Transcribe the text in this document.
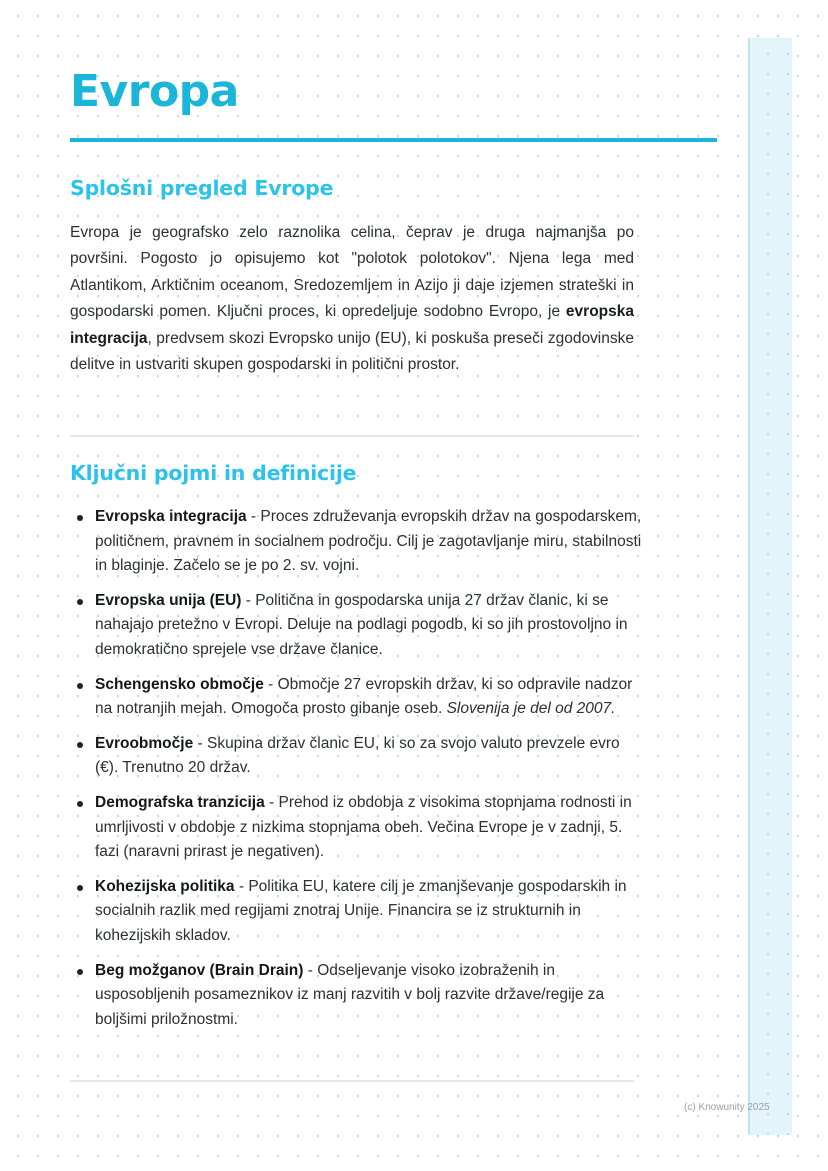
Evropa
Splošni pregled Evrope

Evropa je geografsko zelo raznolika celina, čeprav je druga najmanjša po površini. Pogosto jo opisujemo kot "polotok polotokov". Njena lega med Atlantikom, Arktičnim oceanom, Sredozemljem in Azijo ji daje izjemen strateški in gospodarski pomen. Ključni proces, ki opredeljuje sodobno Evropo, je evropska integracija, predvsem skozi Evropsko unijo (EU), ki poskuša preseči zgodovinske delitve in ustvariti skupen gospodarski in politični prostor.

Ključni pojmi in definicije
Evropska integracija - Proces združevanja evropskih držav na gospodarskem, političnem, pravnem in socialnem področju. Cilj je zagotavljanje miru, stabilnosti in blaginje. Začelo se je po 2. sv. vojni.
Evropska unija (EU) - Politična in gospodarska unija 27 držav članic, ki se nahajajo pretežno v Evropi. Deluje na podlagi pogodb, ki so jih prostovoljno in demokratično sprejele vse države članice.
Schengensko območje - Območje 27 evropskih držav, ki so odpravile nadzor na notranjih mejah. Omogoča prosto gibanje oseb. Slovenija je del od 2007.
Evroobmočje - Skupina držav članic EU, ki so za svojo valuto prevzele evro (€). Trenutno 20 držav.
Demografska tranzicija - Prehod iz obdobja z visokima stopnjama rodnosti in umrljivosti v obdobje z nizkima stopnjama obeh. Večina Evrope je v zadnji, 5. fazi (naravni prirast je negativen).
Kohezijska politika - Politika EU, katere cilj je zmanjševanje gospodarskih in socialnih razlik med regijami znotraj Unije. Financira se iz strukturnih in kohezijskih skladov.
Beg možganov (Brain Drain) - Odseljevanje visoko izobraženih in usposobljenih posameznikov iz manj razvitih v bolj razvite države/regije za boljšimi priložnostmi.
(c) Knowunity 2025
